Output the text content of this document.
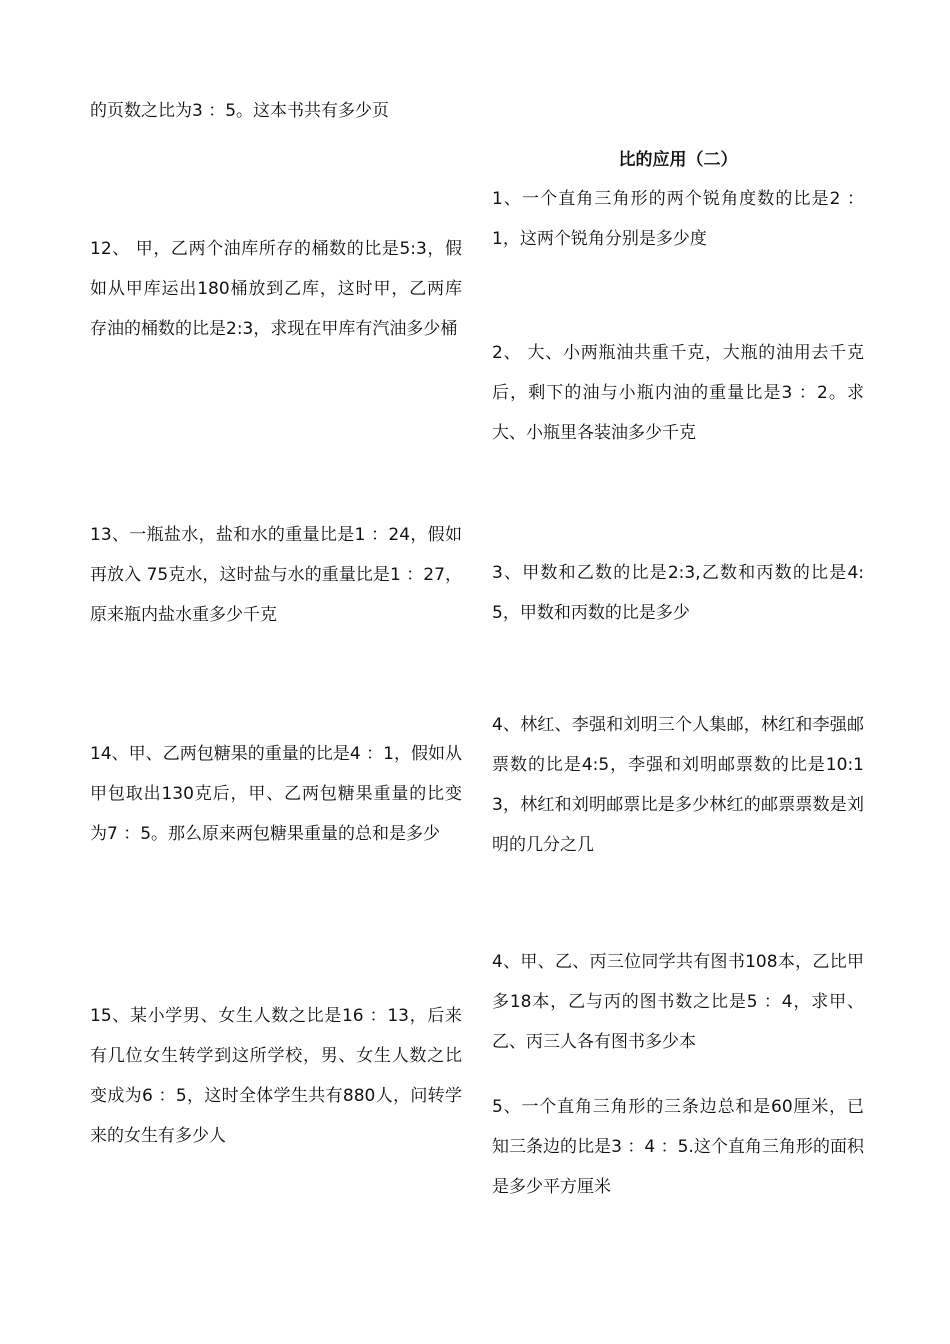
的页数之比为3 ：5。这本书共有多少页

12、 甲，乙两个油库所存的桶数的比是5:3，假如从甲库运出180桶放到乙库，这时甲，乙两库存油的桶数的比是2:3，求现在甲库有汽油多少桶

13、一瓶盐水，盐和水的重量比是1 ：24，假如再放入 75克水，这时盐与水的重量比是1 ：27，原来瓶内盐水重多少千克

14、甲、乙两包糖果的重量的比是4 ：1，假如从甲包取出130克后，甲、乙两包糖果重量的比变为7 ：5。那么原来两包糖果重量的总和是多少

15、某小学男、女生人数之比是16 ：13，后来有几位女生转学到这所学校，男、女生人数之比变成为6 ：5，这时全体学生共有880人，问转学来的女生有多少人

比的应用（二）

1、一个直角三角形的两个锐角度数的比是2 ：1，这两个锐角分别是多少度

2、 大、小两瓶油共重千克，大瓶的油用去千克后，剩下的油与小瓶内油的重量比是3 ：2。求大、小瓶里各装油多少千克

3、甲数和乙数的比是2:3,乙数和丙数的比是4:5，甲数和丙数的比是多少

4、林红、李强和刘明三个人集邮，林红和李强邮票数的比是4:5，李强和刘明邮票数的比是10:13，林红和刘明邮票比是多少林红的邮票票数是刘明的几分之几

4、甲、乙、丙三位同学共有图书108本，乙比甲多18本，乙与丙的图书数之比是5 ：4，求甲、乙、丙三人各有图书多少本

5、一个直角三角形的三条边总和是60厘米，已知三条边的比是3 ：4 ：5.这个直角三角形的面积是多少平方厘米
